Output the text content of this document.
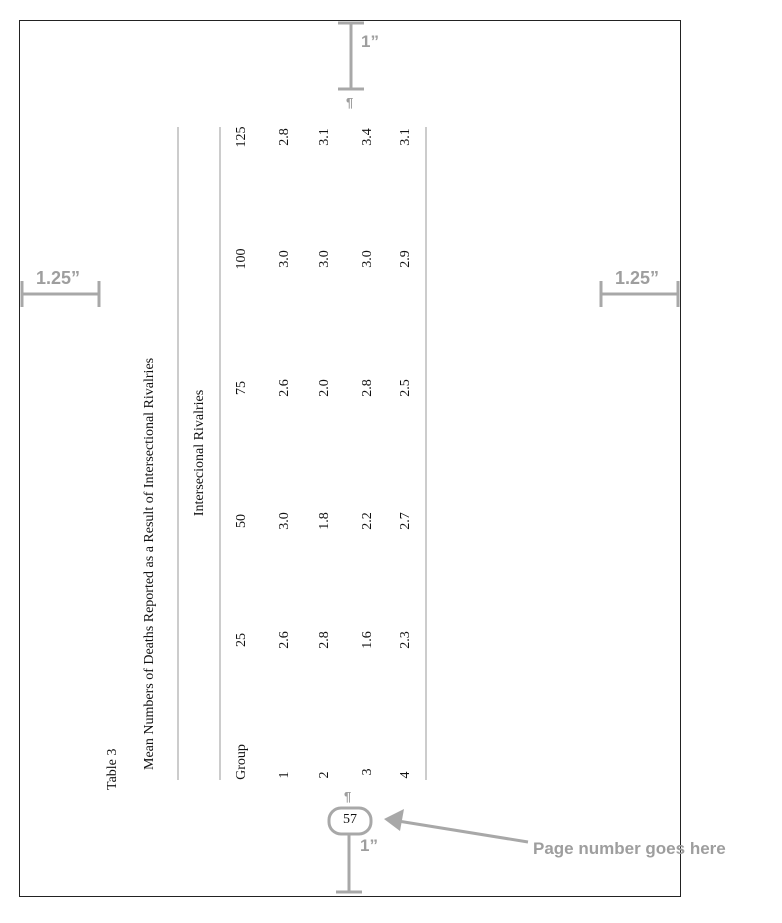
1”
1”
1.25”	1.25”
Page number goes here
¶
¶
57
Table 3 Mean Numbers of Deaths Reported as a Result of Intersectional Rivalries	Intersecional Rivalries
Group
25
50
75
100
125
1
2.6
3.0
2.6
3.0
2.8
2
2.8
1.8
2.0
3.0
3.1
3
1.6
2.2
2.8
3.0
3.4
4
2.3
2.7
2.5
2.9
3.1
